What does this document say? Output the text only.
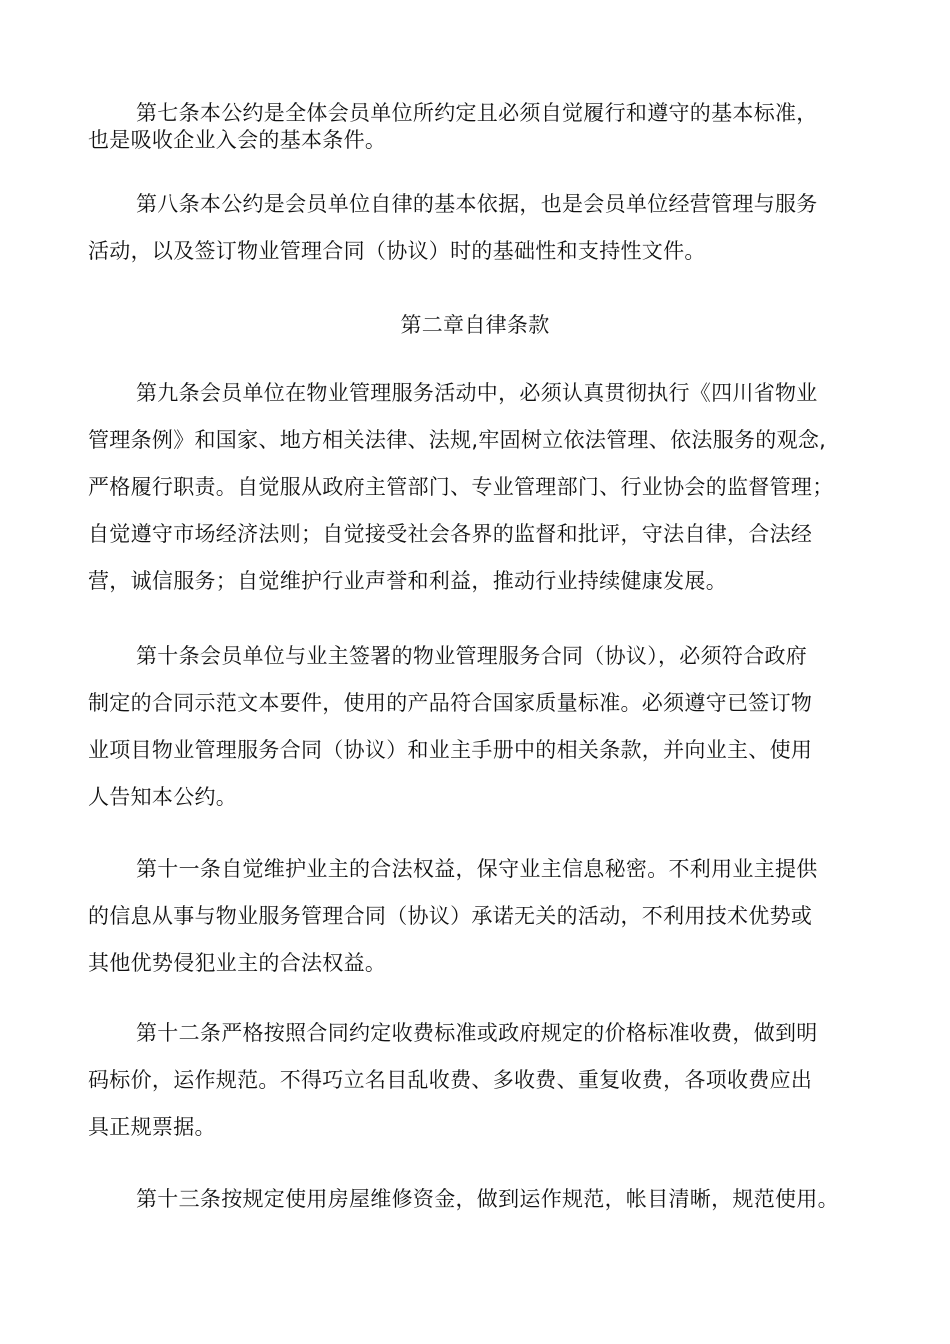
第七条本公约是全体会员单位所约定且必须自觉履行和遵守的基本标准，
也是吸收企业入会的基本条件。
第八条本公约是会员单位自律的基本依据，也是会员单位经营管理与服务
活动，以及签订物业管理合同（协议）时的基础性和支持性文件。
第二章自律条款
第九条会员单位在物业管理服务活动中，必须认真贯彻执行《四川省物业
管理条例》和国家、地方相关法律、法规,牢固树立依法管理、依法服务的观念,
严格履行职责。自觉服从政府主管部门、专业管理部门、行业协会的监督管理；
自觉遵守市场经济法则；自觉接受社会各界的监督和批评，守法自律，合法经
营，诚信服务；自觉维护行业声誉和利益，推动行业持续健康发展。
第十条会员单位与业主签署的物业管理服务合同（协议），必须符合政府
制定的合同示范文本要件，使用的产品符合国家质量标准。必须遵守已签订物
业项目物业管理服务合同（协议）和业主手册中的相关条款，并向业主、使用
人告知本公约。
第十一条自觉维护业主的合法权益，保守业主信息秘密。不利用业主提供
的信息从事与物业服务管理合同（协议）承诺无关的活动，不利用技术优势或
其他优势侵犯业主的合法权益。
第十二条严格按照合同约定收费标准或政府规定的价格标准收费，做到明
码标价，运作规范。不得巧立名目乱收费、多收费、重复收费，各项收费应出
具正规票据。
第十三条按规定使用房屋维修资金，做到运作规范，帐目清晰，规范使用。
